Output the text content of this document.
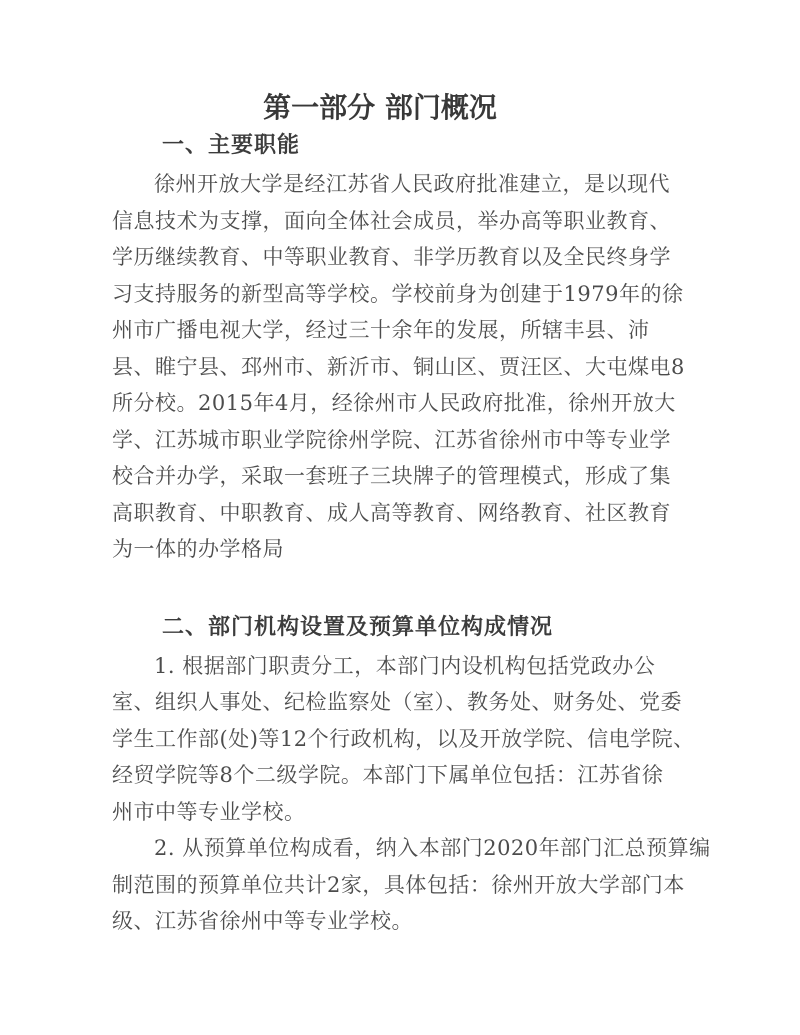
第一部分 部门概况
一、主要职能
徐州开放大学是经江苏省人民政府批准建立，是以现代
信息技术为支撑，面向全体社会成员，举办高等职业教育、
学历继续教育、中等职业教育、非学历教育以及全民终身学
习支持服务的新型高等学校。学校前身为创建于1979年的徐
州市广播电视大学，经过三十余年的发展，所辖丰县、沛
县、睢宁县、邳州市、新沂市、铜山区、贾汪区、大屯煤电8
所分校。2015年4月，经徐州市人民政府批准，徐州开放大
学、江苏城市职业学院徐州学院、江苏省徐州市中等专业学
校合并办学，采取一套班子三块牌子的管理模式，形成了集
高职教育、中职教育、成人高等教育、网络教育、社区教育
为一体的办学格局
二、部门机构设置及预算单位构成情况
1. 根据部门职责分工，本部门内设机构包括党政办公
室、组织人事处、纪检监察处（室）、教务处、财务处、党委
学生工作部(处)等12个行政机构，以及开放学院、信电学院、
经贸学院等8个二级学院。本部门下属单位包括：江苏省徐
州市中等专业学校。
2. 从预算单位构成看，纳入本部门2020年部门汇总预算编
制范围的预算单位共计2家，具体包括：徐州开放大学部门本
级、江苏省徐州中等专业学校。
